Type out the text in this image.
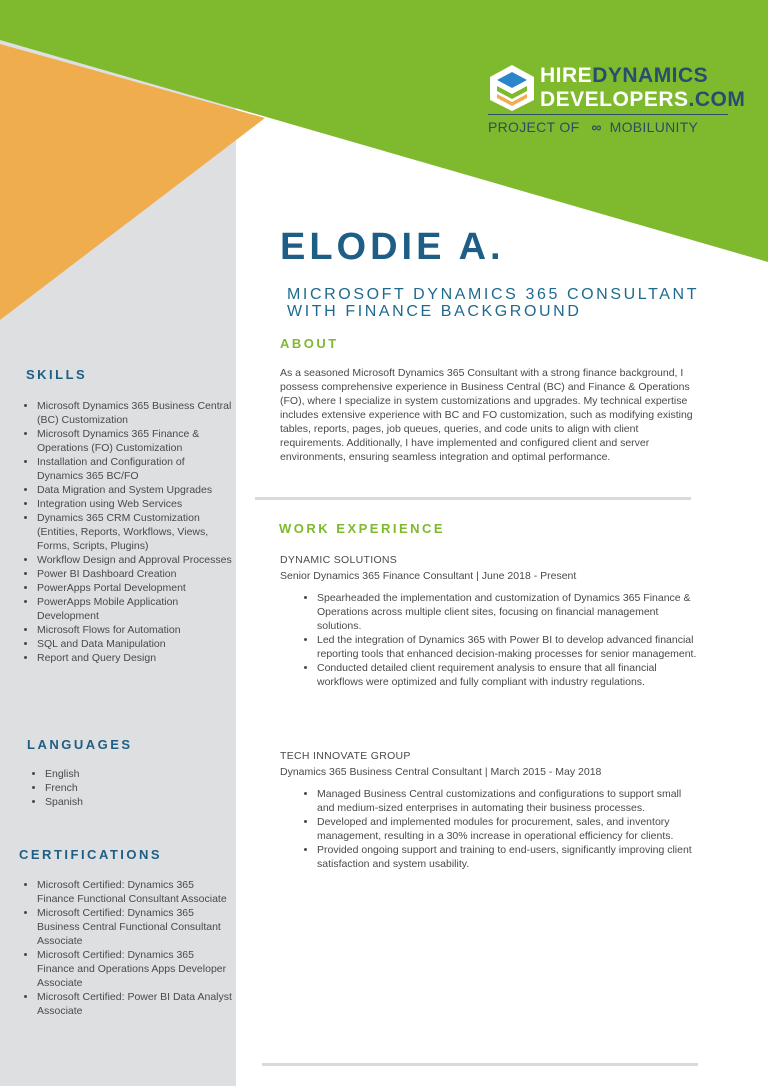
HIREDYNAMICS
DEVELOPERS.COM
PROJECT OF ∞ MOBILUNITY
ELODIE A.
MICROSOFT DYNAMICS 365 CONSULTANT
WITH FINANCE BACKGROUND
ABOUT
As a seasoned Microsoft Dynamics 365 Consultant with a strong finance background, I possess comprehensive experience in Business Central (BC) and Finance & Operations (FO), where I specialize in system customizations and upgrades. My technical expertise includes extensive experience with BC and FO customization, such as modifying existing tables, reports, pages, job queues, queries, and code units to align with client requirements. Additionally, I have implemented and configured client and server environments, ensuring seamless integration and optimal performance.
WORK EXPERIENCE
DYNAMIC SOLUTIONS
Senior Dynamics 365 Finance Consultant | June 2018 - Present
• Spearheaded the implementation and customization of Dynamics 365 Finance & Operations across multiple client sites, focusing on financial management solutions.
• Led the integration of Dynamics 365 with Power BI to develop advanced financial reporting tools that enhanced decision-making processes for senior management.
• Conducted detailed client requirement analysis to ensure that all financial workflows were optimized and fully compliant with industry regulations.
TECH INNOVATE GROUP
Dynamics 365 Business Central Consultant | March 2015 - May 2018
• Managed Business Central customizations and configurations to support small and medium-sized enterprises in automating their business processes.
• Developed and implemented modules for procurement, sales, and inventory management, resulting in a 30% increase in operational efficiency for clients.
• Provided ongoing support and training to end-users, significantly improving client satisfaction and system usability.
SKILLS
• Microsoft Dynamics 365 Business Central (BC) Customization
• Microsoft Dynamics 365 Finance & Operations (FO) Customization
• Installation and Configuration of Dynamics 365 BC/FO
• Data Migration and System Upgrades
• Integration using Web Services
• Dynamics 365 CRM Customization (Entities, Reports, Workflows, Views, Forms, Scripts, Plugins)
• Workflow Design and Approval Processes
• Power BI Dashboard Creation
• PowerApps Portal Development
• PowerApps Mobile Application Development
• Microsoft Flows for Automation
• SQL and Data Manipulation
• Report and Query Design
LANGUAGES
• English
• French
• Spanish
CERTIFICATIONS
• Microsoft Certified: Dynamics 365 Finance Functional Consultant Associate
• Microsoft Certified: Dynamics 365 Business Central Functional Consultant Associate
• Microsoft Certified: Dynamics 365 Finance and Operations Apps Developer Associate
• Microsoft Certified: Power BI Data Analyst Associate
